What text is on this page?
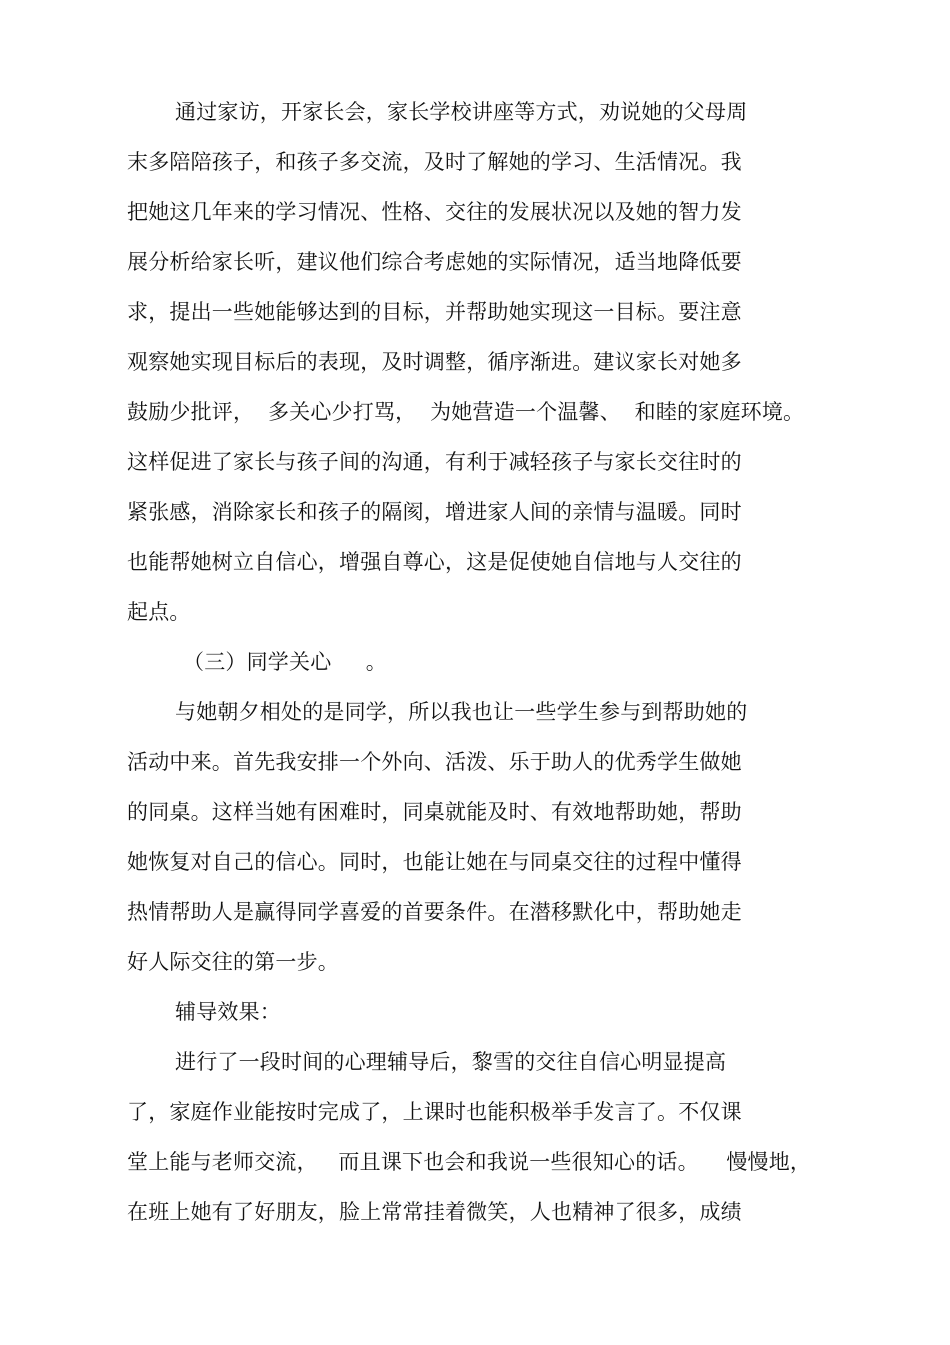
通过家访，开家长会，家长学校讲座等方式，劝说她的父母周
末多陪陪孩子，和孩子多交流，及时了解她的学习、生活情况。我
把她这几年来的学习情况、性格、交往的发展状况以及她的智力发
展分析给家长听，建议他们综合考虑她的实际情况，适当地降低要
求，提出一些她能够达到的目标，并帮助她实现这一目标。要注意
观察她实现目标后的表现，及时调整，循序渐进。建议家长对她多
鼓励少批评，  多关心少打骂，  为她营造一个温馨、  和睦的家庭环境。
这样促进了家长与孩子间的沟通，有利于减轻孩子与家长交往时的
紧张感，消除家长和孩子的隔阂，增进家人间的亲情与温暖。同时
也能帮她树立自信心，增强自尊心，这是促使她自信地与人交往的
起点。
（三）同学关心     。
与她朝夕相处的是同学，所以我也让一些学生参与到帮助她的
活动中来。首先我安排一个外向、活泼、乐于助人的优秀学生做她
的同桌。这样当她有困难时，同桌就能及时、有效地帮助她，帮助
她恢复对自己的信心。同时，也能让她在与同桌交往的过程中懂得
热情帮助人是赢得同学喜爱的首要条件。在潜移默化中，帮助她走
好人际交往的第一步。
辅导效果：
进行了一段时间的心理辅导后，黎雪的交往自信心明显提高
了，家庭作业能按时完成了，上课时也能积极举手发言了。不仅课
堂上能与老师交流，   而且课下也会和我说一些很知心的话。    慢慢地，
在班上她有了好朋友，脸上常常挂着微笑，人也精神了很多，成绩
